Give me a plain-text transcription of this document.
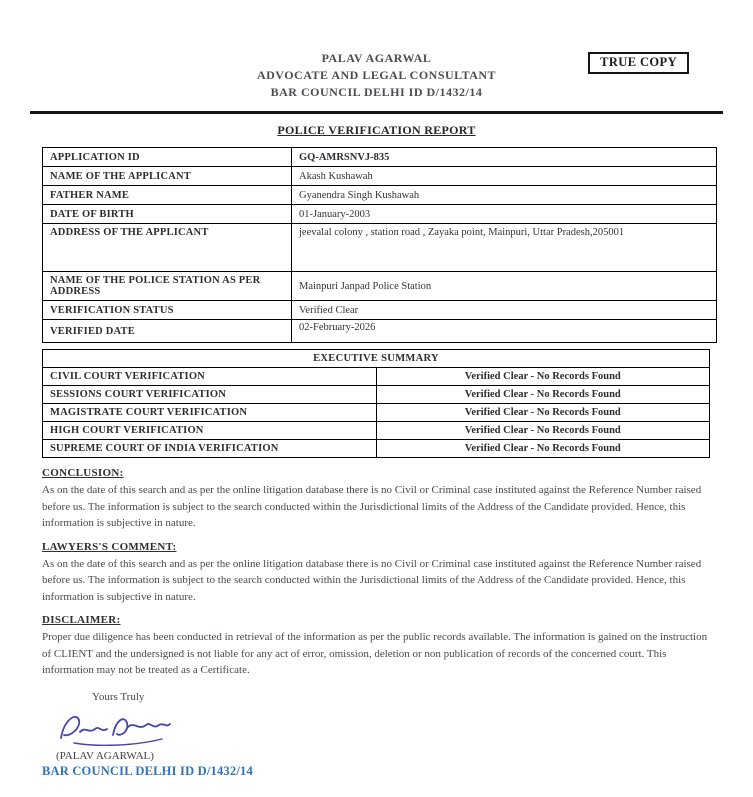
PALAV AGARWAL
ADVOCATE AND LEGAL CONSULTANT
BAR COUNCIL DELHI ID D/1432/14
TRUE COPY
POLICE VERIFICATION REPORT
APPLICATION ID	GQ-AMRSNVJ-835
NAME OF THE APPLICANT	Akash Kushawah
FATHER NAME	Gyanendra Singh Kushawah
DATE OF BIRTH	01-January-2003
ADDRESS OF THE APPLICANT	jeevalal colony , station road , Zayaka point, Mainpuri, Uttar Pradesh,205001
NAME OF THE POLICE STATION AS PER ADDRESS	Mainpuri Janpad Police Station
VERIFICATION STATUS	Verified Clear
VERIFIED DATE	02-February-2026
EXECUTIVE SUMMARY	
CIVIL COURT VERIFICATION	Verified Clear - No Records Found
SESSIONS COURT VERIFICATION	Verified Clear - No Records Found
MAGISTRATE COURT VERIFICATION	Verified Clear - No Records Found
HIGH COURT VERIFICATION	Verified Clear - No Records Found
SUPREME COURT OF INDIA VERIFICATION	Verified Clear - No Records Found
CONCLUSION:

As on the date of this search and as per the online litigation database there is no Civil or Criminal case instituted against the Reference Number raised before us. The information is subject to the search conducted within the Jurisdictional limits of the Address of the Candidate provided. Hence, this information is subjective in nature.

LAWYERS'S COMMENT:

As on the date of this search and as per the online litigation database there is no Civil or Criminal case instituted against the Reference Number raised before us. The information is subject to the search conducted within the Jurisdictional limits of the Address of the Candidate provided. Hence, this information is subjective in nature.

DISCLAIMER:

Proper due diligence has been conducted in retrieval of the information as per the public records available. The information is gained on the instruction of CLIENT and the undersigned is not liable for any act of error, omission, deletion or non publication of records of the concerned court. This information may not be treated as a Certificate.

Yours Truly
(PALAV AGARWAL)
BAR COUNCIL DELHI ID D/1432/14
